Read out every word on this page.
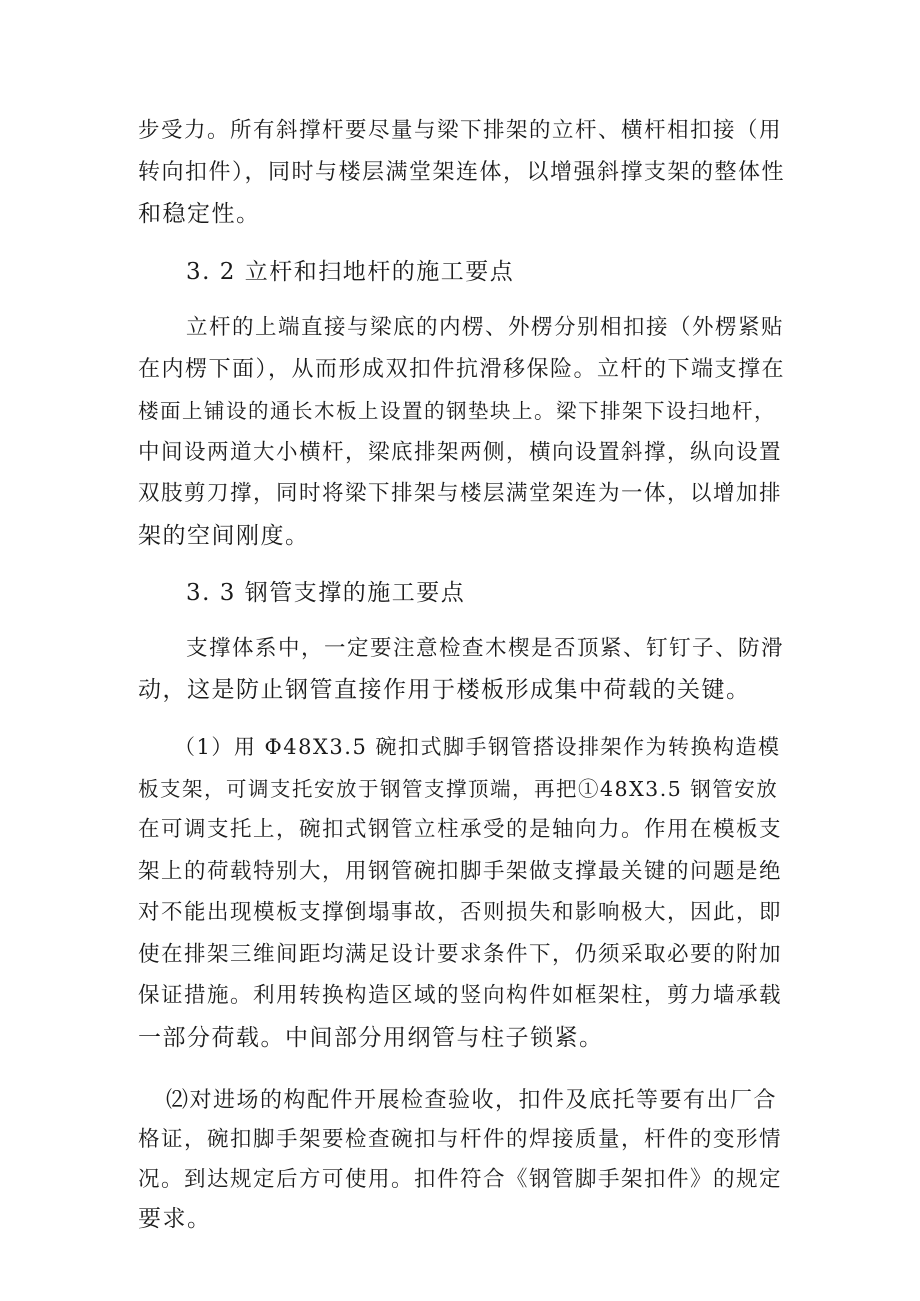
步受力。所有斜撑杆要尽量与梁下排架的立杆、横杆相扣接（用
转向扣件），同时与楼层满堂架连体，以增强斜撑支架的整体性
和稳定性。
3. 2 立杆和扫地杆的施工要点
立杆的上端直接与梁底的内楞、外楞分别相扣接（外楞紧贴
在内楞下面），从而形成双扣件抗滑移保险。立杆的下端支撑在
楼面上铺设的通长木板上设置的钢垫块上。梁下排架下设扫地杆，
中间设两道大小横杆，梁底排架两侧，横向设置斜撑，纵向设置
双肢剪刀撑，同时将梁下排架与楼层满堂架连为一体，以增加排
架的空间刚度。
3. 3 钢管支撑的施工要点
支撑体系中，一定要注意检查木楔是否顶紧、钉钉子、防滑
动，这是防止钢管直接作用于楼板形成集中荷载的关键。
（1）用 Φ48X3.5 碗扣式脚手钢管搭设排架作为转换构造模
板支架，可调支托安放于钢管支撑顶端，再把①48X3.5 钢管安放
在可调支托上，碗扣式钢管立柱承受的是轴向力。作用在模板支
架上的荷载特别大，用钢管碗扣脚手架做支撑最关键的问题是绝
对不能出现模板支撑倒塌事故，否则损失和影响极大，因此，即
使在排架三维间距均满足设计要求条件下，仍须采取必要的附加
保证措施。利用转换构造区域的竖向构件如框架柱，剪力墙承载
一部分荷载。中间部分用纲管与柱子锁紧。
⑵对进场的构配件开展检查验收，扣件及底托等要有出厂合
格证，碗扣脚手架要检查碗扣与杆件的焊接质量，杆件的变形情
况。到达规定后方可使用。扣件符合《钢管脚手架扣件》的规定
要求。
